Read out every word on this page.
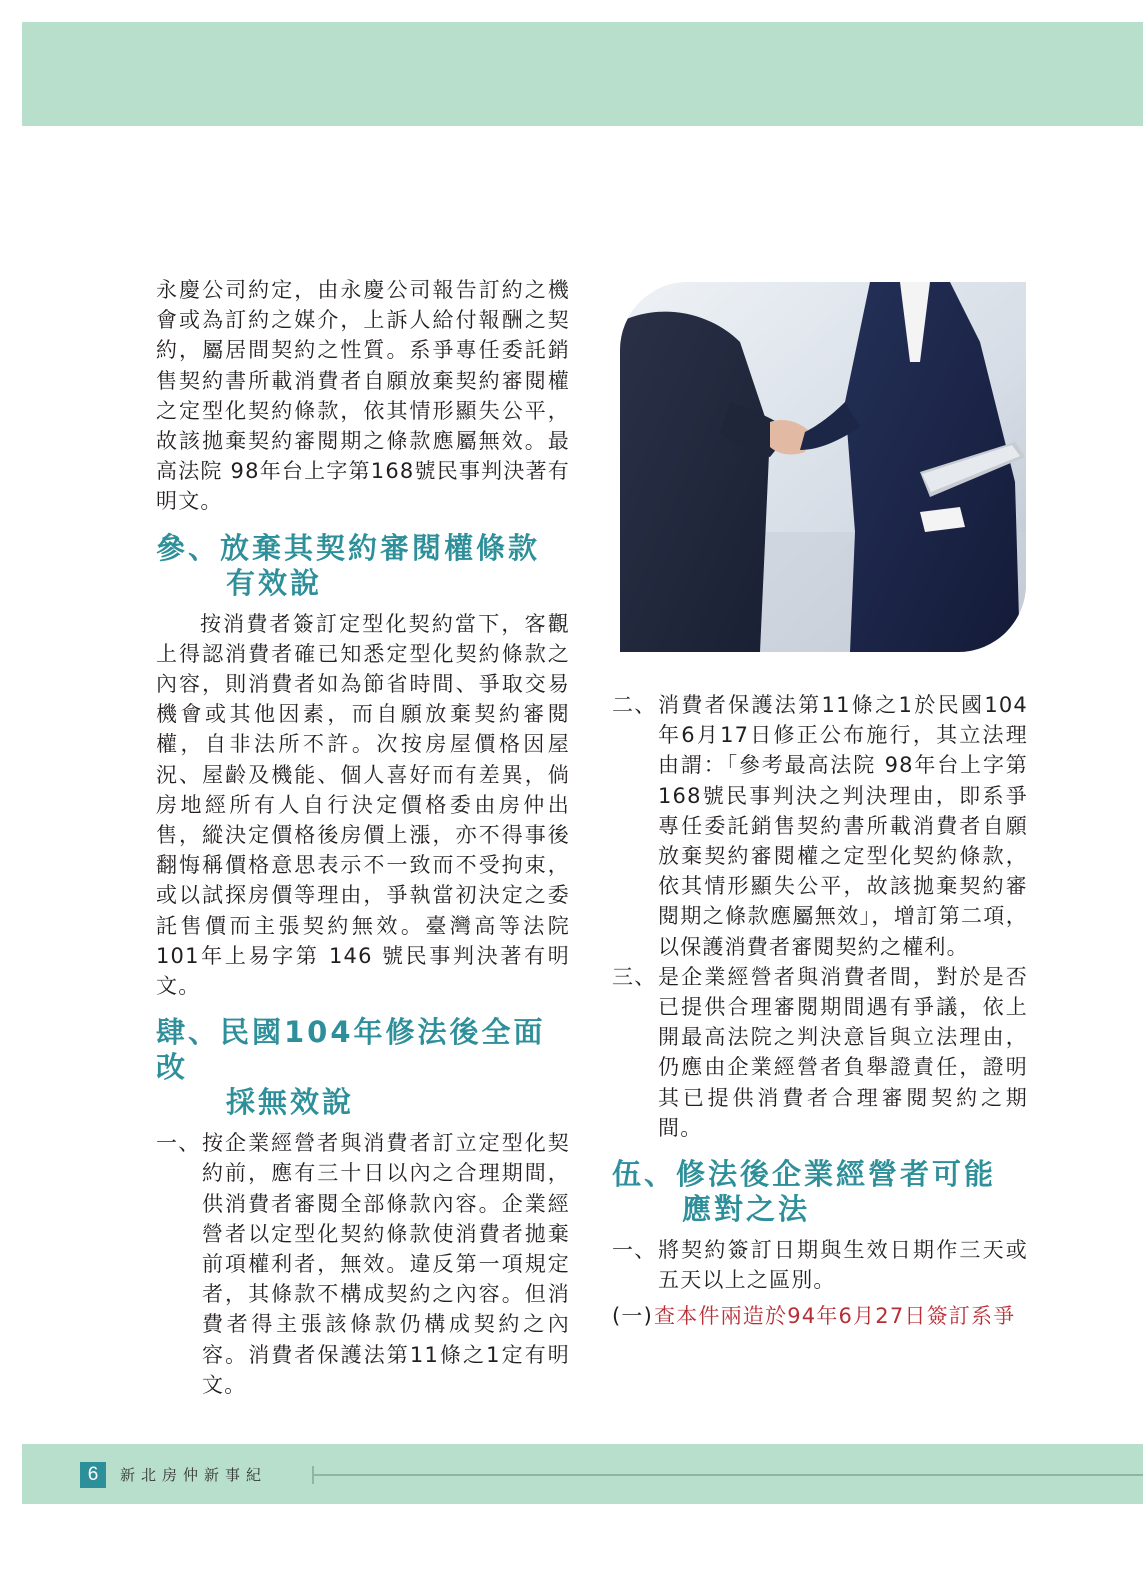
永慶公司約定，由永慶公司報告訂約之機會或為訂約之媒介，上訴人給付報酬之契約，屬居間契約之性質。系爭專任委託銷售契約書所載消費者自願放棄契約審閱權之定型化契約條款，依其情形顯失公平，故該拋棄契約審閱期之條款應屬無效。最高法院 98年台上字第168號民事判決著有明文。

參、放棄其契約審閱權條款
有效說

按消費者簽訂定型化契約當下，客觀上得認消費者確已知悉定型化契約條款之內容，則消費者如為節省時間、爭取交易機會或其他因素，而自願放棄契約審閱權，自非法所不許。次按房屋價格因屋況、屋齡及機能、個人喜好而有差異，倘房地經所有人自行決定價格委由房仲出售，縱決定價格後房價上漲，亦不得事後翻悔稱價格意思表示不一致而不受拘束，或以試探房價等理由，爭執當初決定之委託售價而主張契約無效。臺灣高等法院101年上易字第 146 號民事判決著有明文。

肆、民國104年修法後全面改
採無效說
一、 按企業經營者與消費者訂立定型化契約前，應有三十日以內之合理期間，供消費者審閱全部條款內容。企業經營者以定型化契約條款使消費者拋棄前項權利者，無效。違反第一項規定者，其條款不構成契約之內容。但消費者得主張該條款仍構成契約之內容。消費者保護法第11條之1定有明文。
二、 消費者保護法第11條之1於民國104年6月17日修正公布施行，其立法理由謂：「參考最高法院 98年台上字第168號民事判決之判決理由，即系爭專任委託銷售契約書所載消費者自願放棄契約審閱權之定型化契約條款，依其情形顯失公平，故該拋棄契約審閱期之條款應屬無效」，增訂第二項，以保護消費者審閱契約之權利。
三、 是企業經營者與消費者間，對於是否已提供合理審閱期間遇有爭議，依上開最高法院之判決意旨與立法理由，仍應由企業經營者負舉證責任，證明其已提供消費者合理審閱契約之期間。
伍、修法後企業經營者可能
應對之法
一、 將契約簽訂日期與生效日期作三天或五天以上之區別。
(一) 查本件兩造於94年6月27日簽訂系爭
6	新北房仲新事紀
